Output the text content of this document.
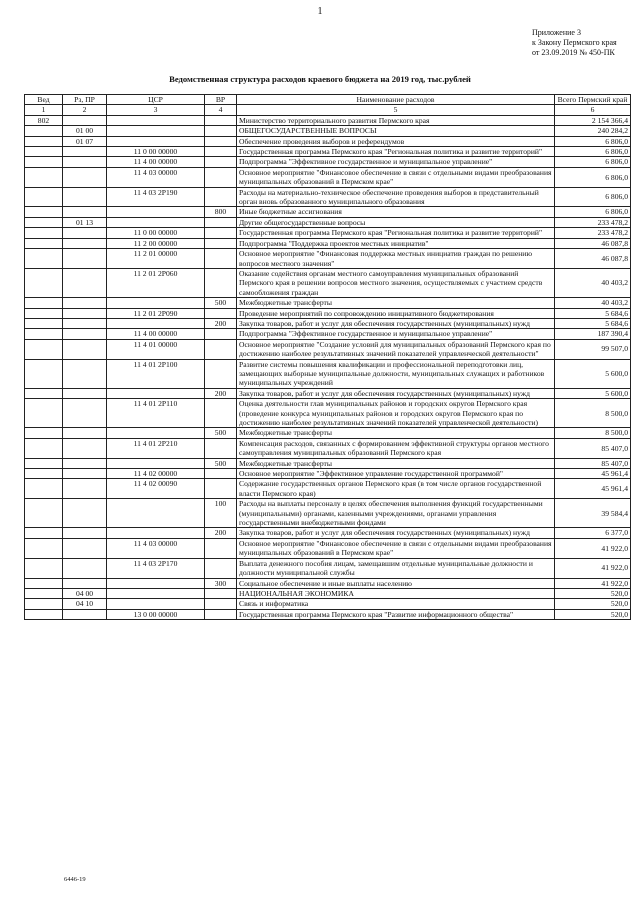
1
Приложение 3
к Закону Пермского края
от 23.09.2019 № 450-ПК
Ведомственная структура расходов краевого бюджета на 2019 год, тыс.рублей
Вед	Рз, ПР	ЦСР	ВР	Наименование расходов	Всего Пермский край
1	2	3	4	5	6
802				Министерство территориального развития Пермского края	2 154 366,4
	01 00			ОБЩЕГОСУДАРСТВЕННЫЕ ВОПРОСЫ	240 284,2
	01 07			Обеспечение проведения выборов и референдумов	6 806,0
		11 0 00 00000		Государственная программа Пермского края "Региональная политика и развитие территорий"	6 806,0
		11 4 00 00000		Подпрограмма "Эффективное государственное и муниципальное управление"	6 806,0
		11 4 03 00000		Основное мероприятие "Финансовое обеспечение в связи с отдельными видами преобразования муниципальных образований в Пермском крае"	6 806,0
		11 4 03 2Р190		Расходы на материально-техническое обеспечение проведения выборов в представительный орган вновь образованного муниципального образования	6 806,0
			800	Иные бюджетные ассигнования	6 806,0
	01 13			Другие общегосударственные вопросы	233 478,2
		11 0 00 00000		Государственная программа Пермского края "Региональная политика и развитие территорий"	233 478,2
		11 2 00 00000		Подпрограмма "Поддержка проектов местных инициатив"	46 087,8
		11 2 01 00000		Основное мероприятие "Финансовая поддержка местных инициатив граждан по решению вопросов местного значения"	46 087,8
		11 2 01 2Р060		Оказание содействия органам местного самоуправления муниципальных образований Пермского края в решении вопросов местного значения, осуществляемых с участием средств самообложения граждан	40 403,2
			500	Межбюджетные трансферты	40 403,2
		11 2 01 2Р090		Проведение мероприятий по сопровождению инициативного бюджетирования	5 684,6
			200	Закупка товаров, работ и услуг для обеспечения государственных (муниципальных) нужд	5 684,6
		11 4 00 00000		Подпрограмма "Эффективное государственное и муниципальное управление"	187 390,4
		11 4 01 00000		Основное мероприятие "Создание условий для муниципальных образований Пермского края по достижению наиболее результативных значений показателей управленческой деятельности"	99 507,0
		11 4 01 2Р100		Развитие системы повышения квалификации и профессиональной переподготовки лиц, замещающих выборные муниципальные должности, муниципальных служащих и работников муниципальных учреждений	5 600,0
			200	Закупка товаров, работ и услуг для обеспечения государственных (муниципальных) нужд	5 600,0
		11 4 01 2Р110		Оценка деятельности глав муниципальных районов и городских округов Пермского края (проведение конкурса муниципальных районов и городских округов Пермского края по достижению наиболее результативных значений показателей управленческой деятельности)	8 500,0
			500	Межбюджетные трансферты	8 500,0
		11 4 01 2Р210		Компенсация расходов, связанных с формированием эффективной структуры органов местного самоуправления муниципальных образований Пермского края	85 407,0
			500	Межбюджетные трансферты	85 407,0
		11 4 02 00000		Основное мероприятие "Эффективное управление государственной программой"	45 961,4
		11 4 02 00090		Содержание государственных органов Пермского края (в том числе органов государственной власти Пермского края)	45 961,4
			100	Расходы на выплаты персоналу в целях обеспечения выполнения функций государственными (муниципальными) органами, казенными учреждениями, органами управления государственными внебюджетными фондами	39 584,4
			200	Закупка товаров, работ и услуг для обеспечения государственных (муниципальных) нужд	6 377,0
		11 4 03 00000		Основное мероприятие "Финансовое обеспечение в связи с отдельными видами преобразования муниципальных образований в Пермском крае"	41 922,0
		11 4 03 2Р170		Выплата денежного пособия лицам, замещавшим отдельные муниципальные должности и должности муниципальной службы	41 922,0
			300	Социальное обеспечение и иные выплаты населению	41 922,0
	04 00			НАЦИОНАЛЬНАЯ ЭКОНОМИКА	520,0
	04 10			Связь и информатика	520,0
		13 0 00 00000		Государственная программа Пермского края "Развитие информационного общества"	520,0
6446-19
